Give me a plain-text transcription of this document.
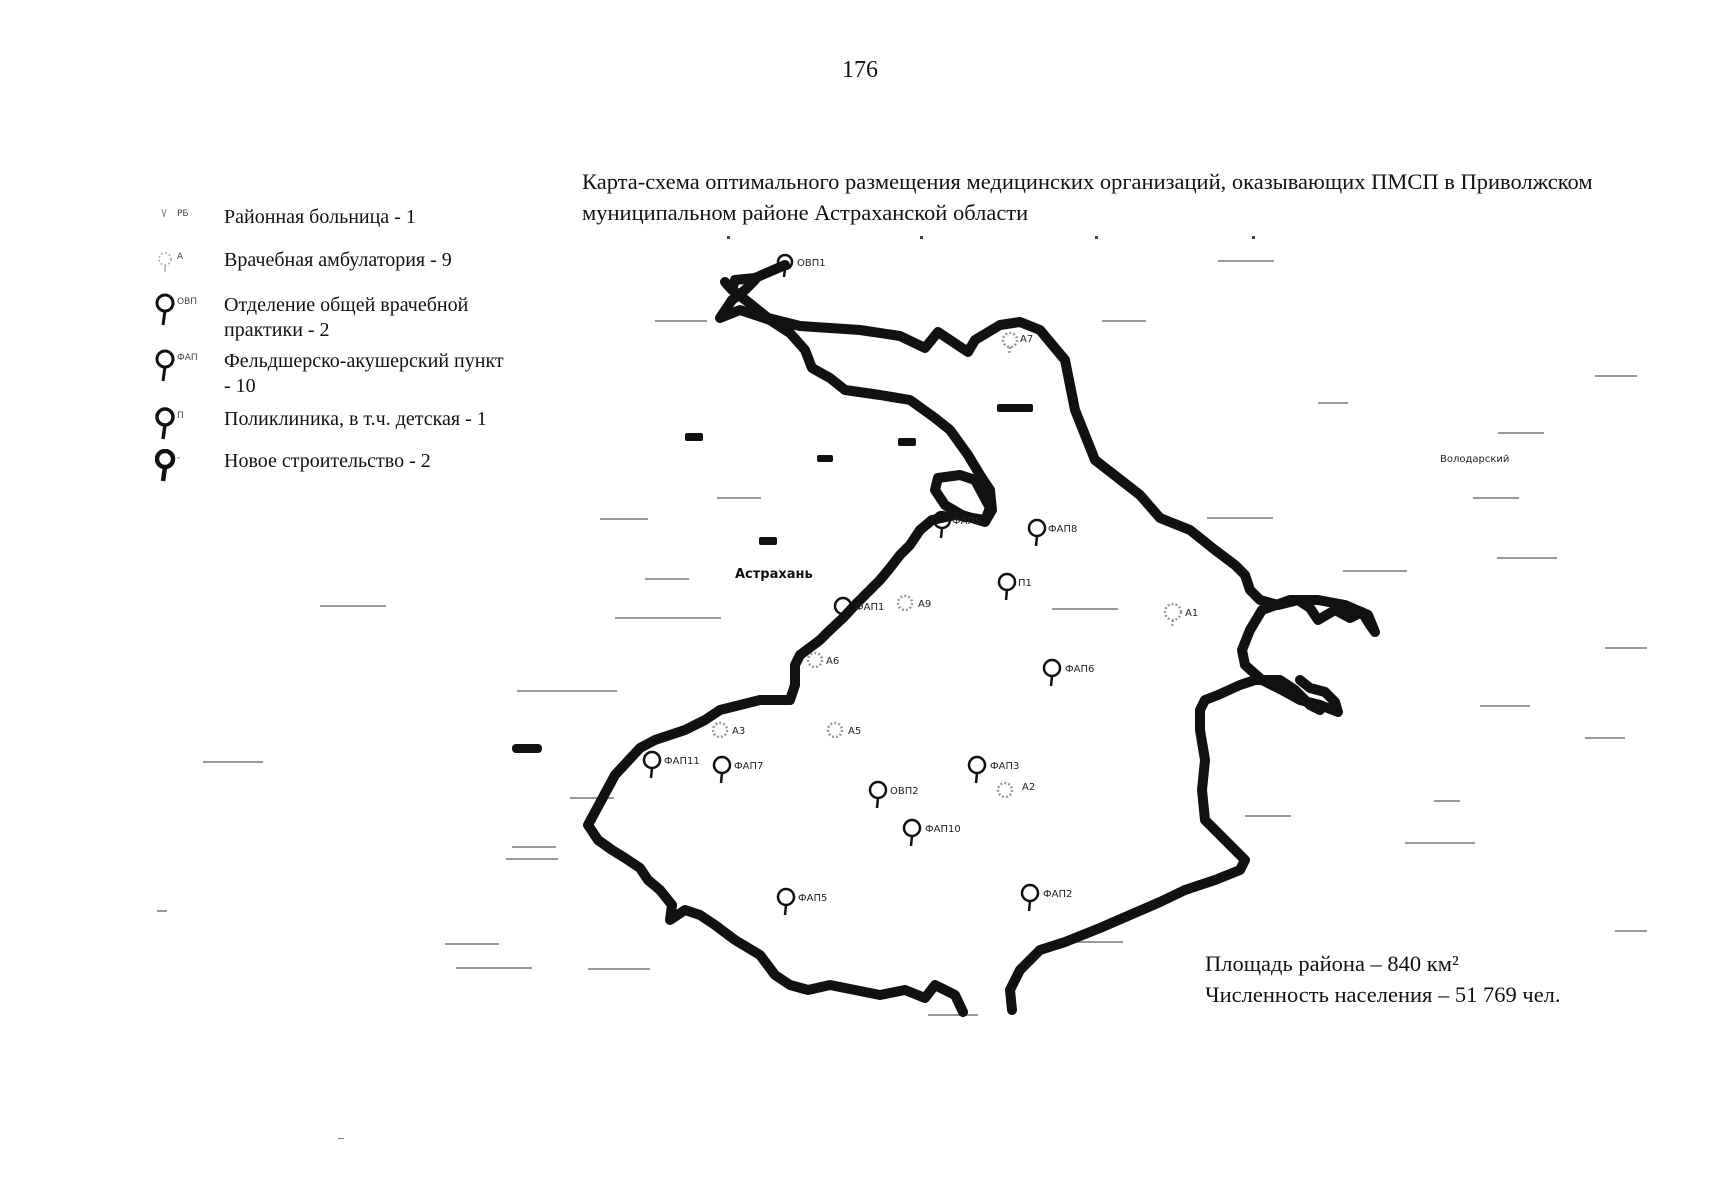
176
Карта-схема оптимального размещения медицинских организаций, оказывающих ПМСП в Приволжском муниципальном районе Астраханской области
РБ Районная больница - 1
А Врачебная амбулатория - 9
ОВП Отделение общей врачебной практики - 2
ФАП Фельдшерско-акушерский пункт - 10
П Поликлиника, в т.ч. детская - 1
- Новое строительство - 2
Астрахань
Володарский
ОВП1
А7
ФАП9
ФАП8
П1
А1
ФАП1	А9
А6
ФАП6
А3	А5
ФАП11	ФАП7	ФАП3
А2
ОВП2
ФАП10
ФАП5	ФАП2
Площадь района – 840 км²
Численность населения – 51 769 чел.
